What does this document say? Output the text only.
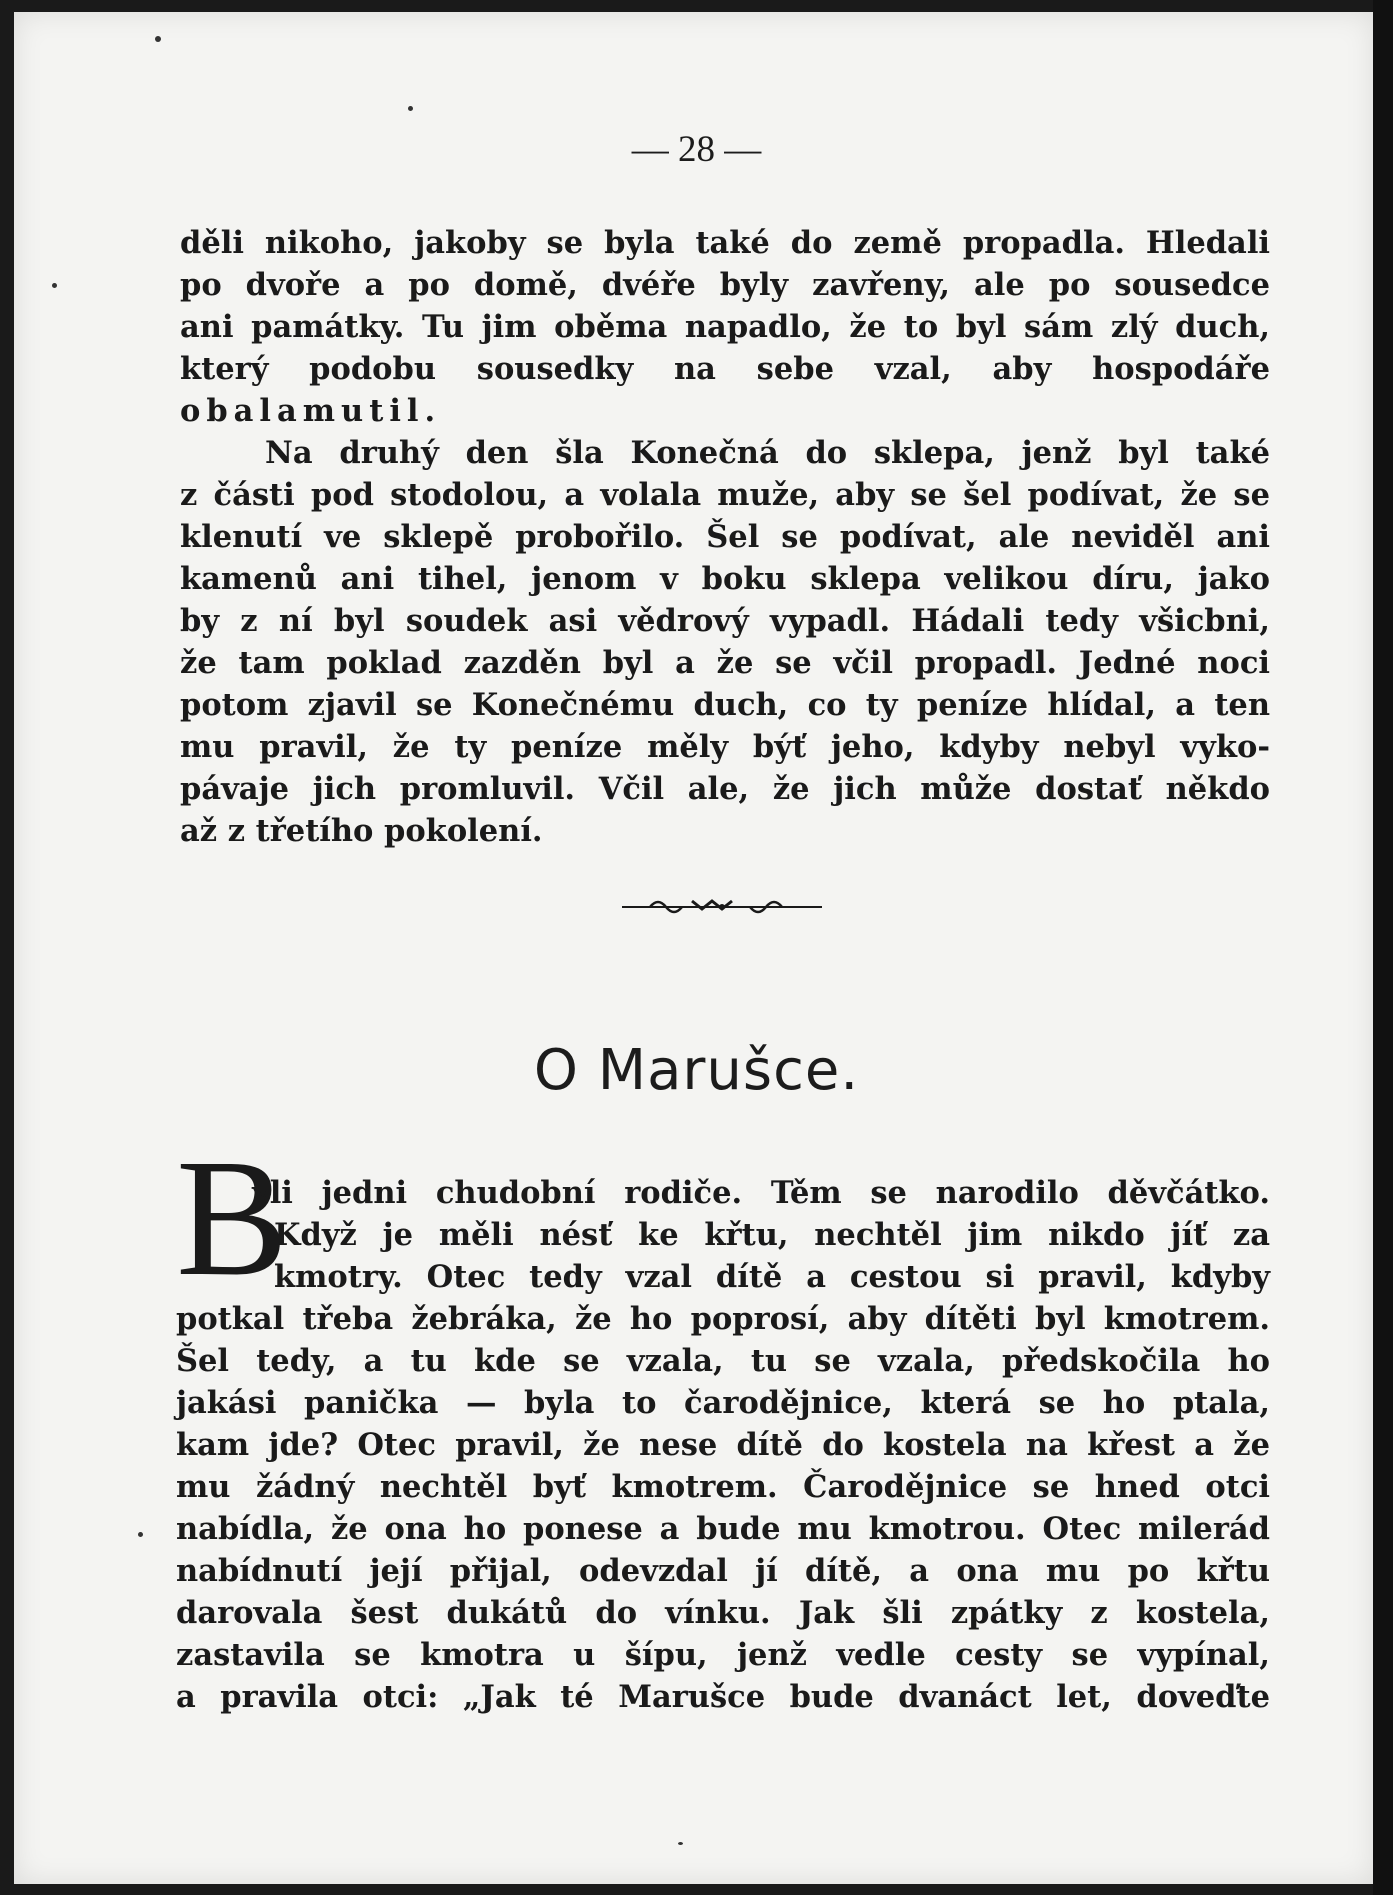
— 28 —
děli nikoho, jakoby se byla také do země propadla. Hledali
po dvoře a po domě, dvéře byly zavřeny, ale po sousedce
ani památky. Tu jim oběma napadlo, že to byl sám zlý duch,
který podobu sousedky na sebe vzal, aby hospodáře
obalamutil.
Na druhý den šla Konečná do sklepa, jenž byl také
z části pod stodolou, a volala muže, aby se šel podívat, že se
klenutí ve sklepě probořilo. Šel se podívat, ale neviděl ani
kamenů ani tihel, jenom v boku sklepa velikou díru, jako
by z ní byl soudek asi vědrový vypadl. Hádali tedy všicbni,
že tam poklad zazděn byl a že se včil propadl. Jedné noci
potom zjavil se Konečnému duch, co ty peníze hlídal, a ten
mu pravil, že ty peníze měly býť jeho, kdyby nebyl vyko-
pávaje jich promluvil. Včil ale, že jich může dostať někdo
až z třetího pokolení.
O Marušce.
B
yli jedni chudobní rodiče. Těm se narodilo děvčátko.
Když je měli nésť ke křtu, nechtěl jim nikdo jíť za
kmotry. Otec tedy vzal dítě a cestou si pravil, kdyby
potkal třeba žebráka, že ho poprosí, aby dítěti byl kmotrem.
Šel tedy, a tu kde se vzala, tu se vzala, předskočila ho
jakási panička — byla to čarodějnice, která se ho ptala,
kam jde? Otec pravil, že nese dítě do kostela na křest a že
mu žádný nechtěl byť kmotrem. Čarodějnice se hned otci
nabídla, že ona ho ponese a bude mu kmotrou. Otec milerád
nabídnutí její přijal, odevzdal jí dítě, a ona mu po křtu
darovala šest dukátů do vínku. Jak šli zpátky z kostela,
zastavila se kmotra u šípu, jenž vedle cesty se vypínal,
a pravila otci: „Jak té Marušce bude dvanáct let, doveďte
